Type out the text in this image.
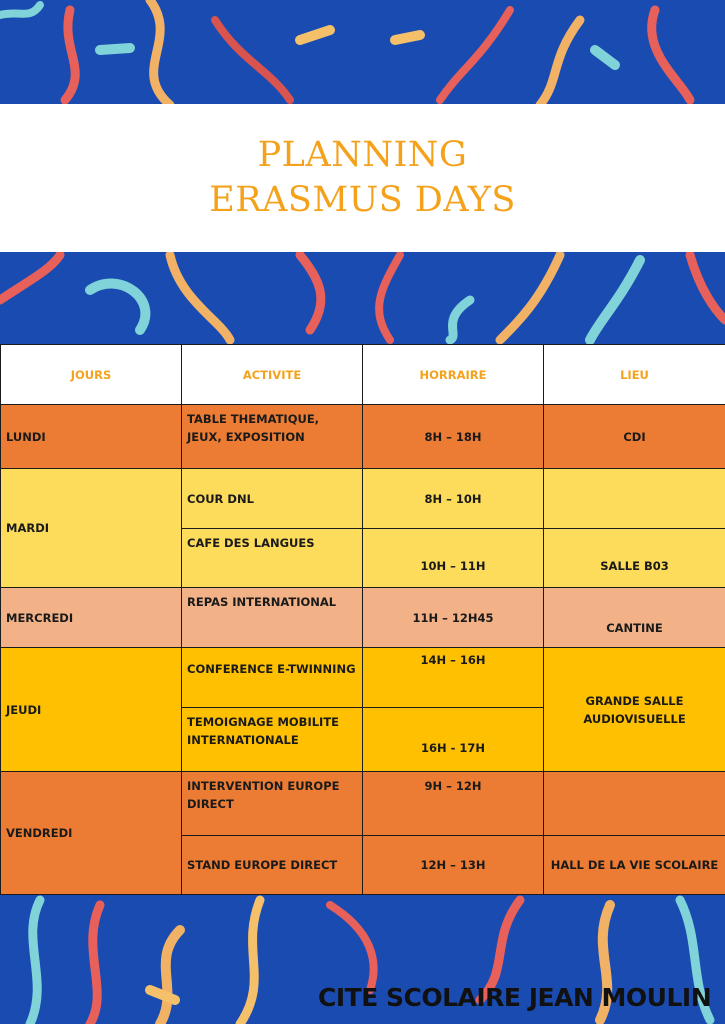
PLANNING
ERASMUS DAYS
JOURS	ACTIVITE	HORRAIRE	LIEU
LUNDI	TABLE THEMATIQUE, JEUX, EXPOSITION	8H – 18H	CDI
MARDI	COUR DNL	8H – 10H	
	CAFE DES LANGUES	10H – 11H	SALLE B03
MERCREDI	REPAS INTERNATIONAL	11H – 12H45	CANTINE
JEUDI	CONFERENCE E-TWINNING	14H – 16H	GRANDE SALLE AUDIOVISUELLE
	TEMOIGNAGE MOBILITE INTERNATIONALE	16H - 17H	
VENDREDI	INTERVENTION EUROPE DIRECT	9H – 12H	
	STAND EUROPE DIRECT	12H – 13H	HALL DE LA VIE SCOLAIRE
CITE SCOLAIRE JEAN MOULIN
